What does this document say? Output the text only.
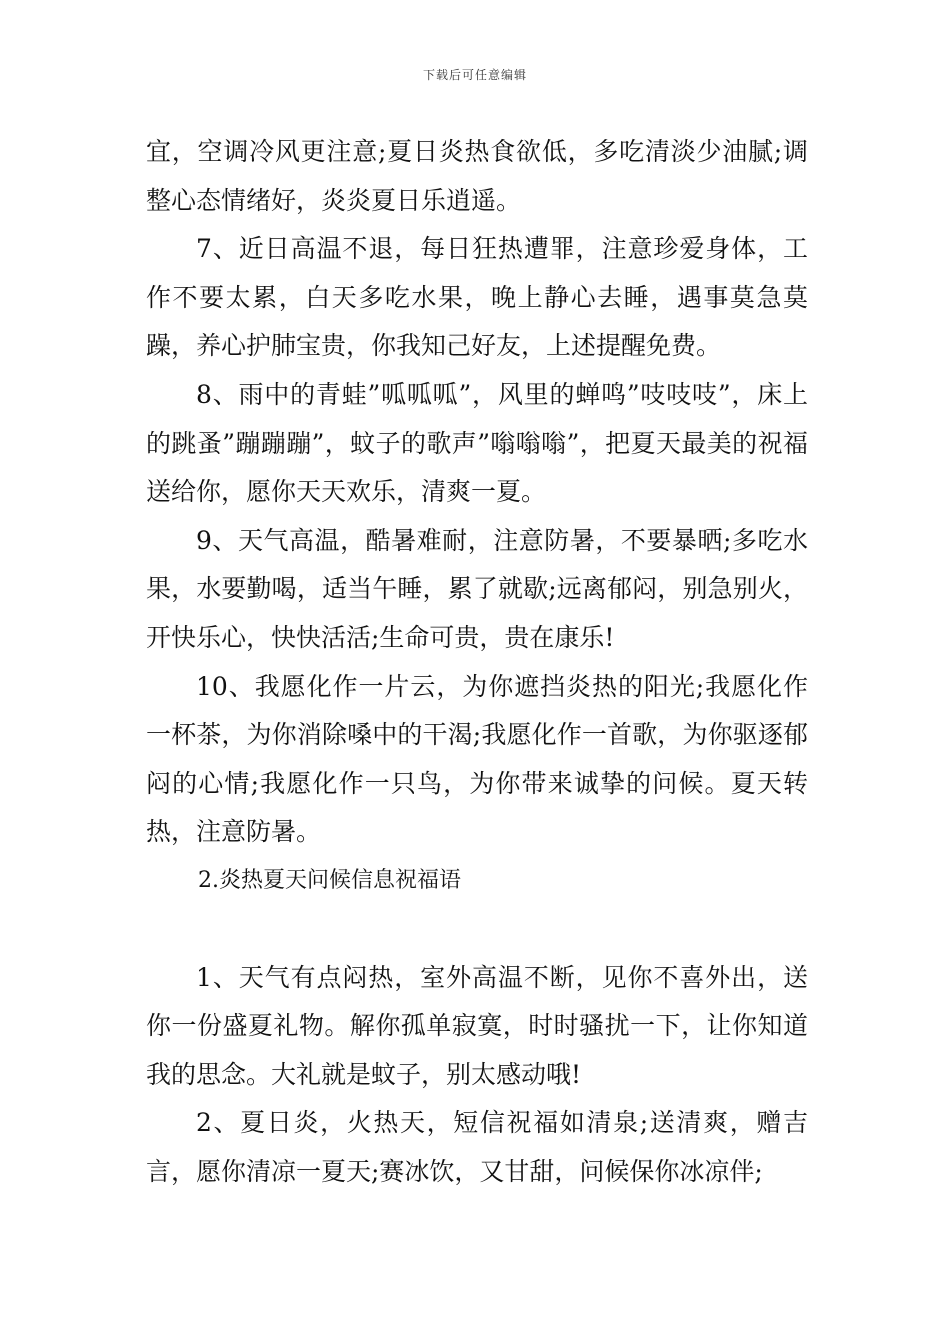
下载后可任意编辑

宜，空调冷风更注意;夏日炎热食欲低，多吃清淡少油腻;调整心态情绪好，炎炎夏日乐逍遥。

7、近日高温不退，每日狂热遭罪，注意珍爱身体，工作不要太累，白天多吃水果，晚上静心去睡，遇事莫急莫躁，养心护肺宝贵，你我知己好友，上述提醒免费。

8、雨中的青蛙”呱呱呱”，风里的蝉鸣”吱吱吱”，床上的跳蚤”蹦蹦蹦”，蚊子的歌声”嗡嗡嗡”，把夏天最美的祝福送给你，愿你天天欢乐，清爽一夏。

9、天气高温，酷暑难耐，注意防暑，不要暴晒;多吃水果，水要勤喝，适当午睡，累了就歇;远离郁闷，别急别火，开快乐心，快快活活;生命可贵，贵在康乐!

10、我愿化作一片云，为你遮挡炎热的阳光;我愿化作一杯茶，为你消除嗓中的干渴;我愿化作一首歌，为你驱逐郁闷的心情;我愿化作一只鸟，为你带来诚挚的问候。夏天转热，注意防暑。

2.炎热夏天问候信息祝福语

1、天气有点闷热，室外高温不断，见你不喜外出，送你一份盛夏礼物。解你孤单寂寞，时时骚扰一下，让你知道我的思念。大礼就是蚊子，别太感动哦!

2、夏日炎，火热天，短信祝福如清泉;送清爽，赠吉言，愿你清凉一夏天;赛冰饮，又甘甜，问候保你冰凉伴;
